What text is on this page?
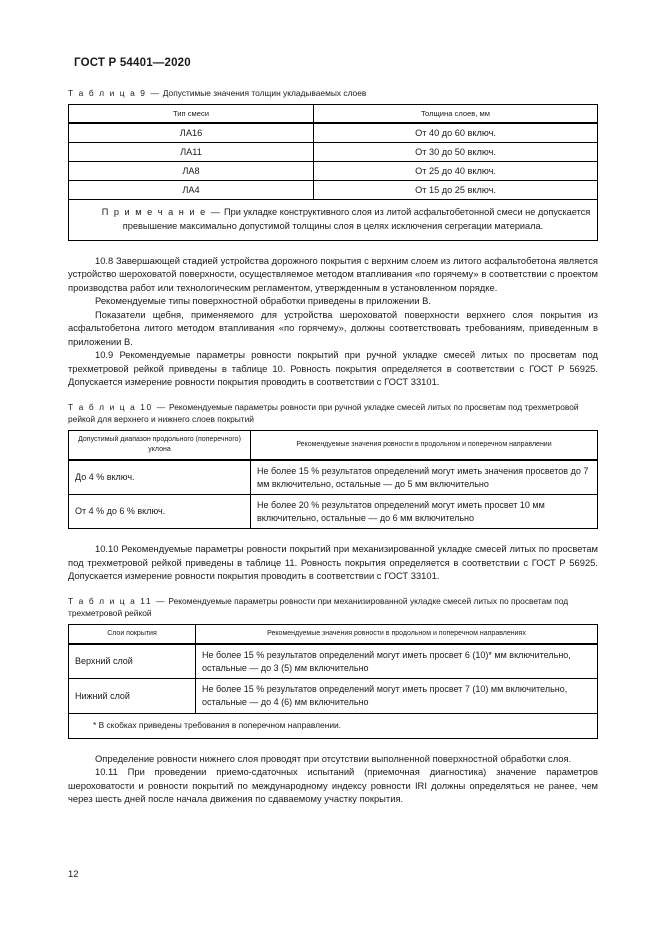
ГОСТ Р 54401—2020
Т а б л и ц а 9 — Допустимые значения толщин укладываемых слоев
Тип смеси	Толщина слоев, мм
ЛА16	От 40 до 60 включ.
ЛА11	От 30 до 50 включ.
ЛА8	От 25 до 40 включ.
ЛА4	От 15 до 25 включ.

П р и м е ч а н и е — При укладке конструктивного слоя из литой асфальтобетонной смеси не допускается превышение максимально допустимой толщины слоя в целях исключения сегрегации материала.	

10.8 Завершающей стадией устройства дорожного покрытия с верхним слоем из литого асфальтобетона является устройство шероховатой поверхности, осуществляемое методом втапливания «по горячему» в соответствии с проектом производства работ или технологическим регламентом, утвержденным в установленном порядке.

Рекомендуемые типы поверхностной обработки приведены в приложении В.

Показатели щебня, применяемого для устройства шероховатой поверхности верхнего слоя покрытия из асфальтобетона литого методом втапливания «по горячему», должны соответствовать требованиям, приведенным в приложении В.

10.9 Рекомендуемые параметры ровности покрытий при ручной укладке смесей литых по просветам под трехметровой рейкой приведены в таблице 10. Ровность покрытия определяется в соответствии с ГОСТ Р 56925. Допускается измерение ровности покрытия проводить в соответствии с ГОСТ 33101.

Т а б л и ц а 10 — Рекомендуемые параметры ровности при ручной укладке смесей литых по просветам под трехметровой рейкой для верхнего и нижнего слоев покрытий
Допустимый диапазон продольного (поперечного) уклона	Рекомендуемые значения ровности в продольном и поперечном направлении
До 4 % включ.	Не более 15 % результатов определений могут иметь значения просветов до 7 мм включительно, остальные — до 5 мм включительно
От 4 % до 6 % включ.	Не более 20 % результатов определений могут иметь просвет 10 мм включительно, остальные — до 6 мм включительно

10.10 Рекомендуемые параметры ровности покрытий при механизированной укладке смесей литых по просветам под трехметровой рейкой приведены в таблице 11. Ровность покрытия определяется в соответствии с ГОСТ Р 56925. Допускается измерение ровности покрытия проводить в соответствии с ГОСТ 33101.

Т а б л и ц а 11 — Рекомендуемые параметры ровности при механизированной укладке смесей литых по просветам под трехметровой рейкой
Слои покрытия	Рекомендуемые значения ровности в продольном и поперечном направлениях
Верхний слой	Не более 15 % результатов определений могут иметь просвет 6 (10)* мм включительно, остальные — до 3 (5) мм включительно
Нижний слой	Не более 15 % результатов определений могут иметь просвет 7 (10) мм включительно, остальные — до 4 (6) мм включительно
* В скобках приведены требования в поперечном направлении.	

Определение ровности нижнего слоя проводят при отсутствии выполненной поверхностной обработки слоя.

10.11 При проведении приемо-сдаточных испытаний (приемочная диагностика) значение параметров шероховатости и ровности покрытий по международному индексу ровности IRI должны определяться не ранее, чем через шесть дней после начала движения по сдаваемому участку покрытия.

12
